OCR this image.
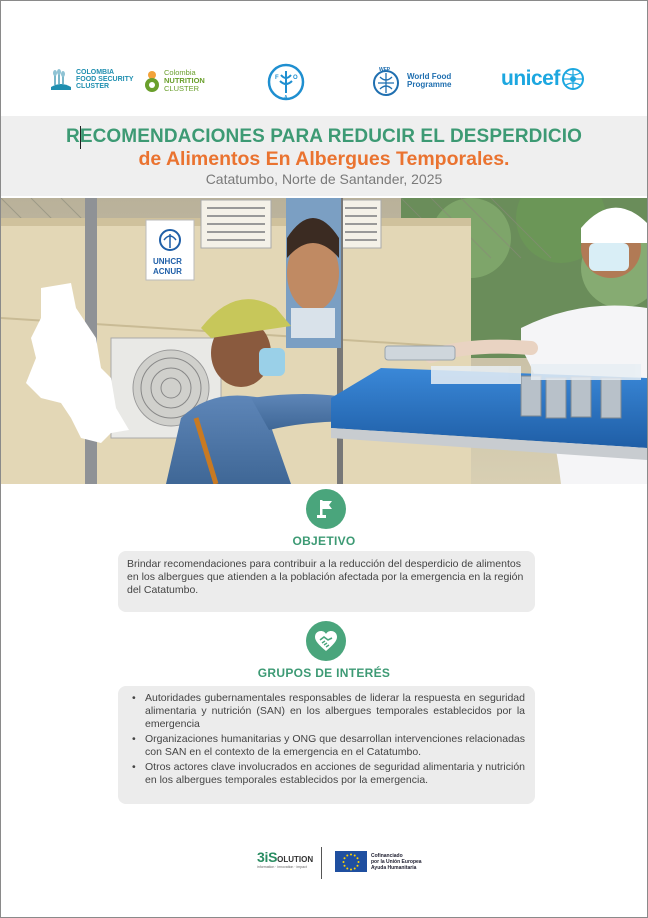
COLOMBIA
FOOD SECURITY
CLUSTER
Colombia
NUTRITION
CLUSTER
F O
A
WFP
World Food
Programme unicef
RECOMENDACIONES PARA REDUCIR EL DESPERDICIO
de Alimentos En Albergues Temporales.
Catatumbo, Norte de Santander, 2025
UNHCR
ACNUR
OBJETIVO

Brindar recomendaciones para contribuir a la reducción del desperdicio de alimentos en los albergues que atienden a la población afectada por la emergencia en la región del Catatumbo.

GRUPOS DE INTERÉS
• Autoridades gubernamentales responsables de liderar la respuesta en seguridad alimentaria y nutrición (SAN) en los albergues temporales establecidos por la emergencia
• Organizaciones humanitarias y ONG que desarrollan intervenciones relacionadas con SAN en el contexto de la emergencia en el Catatumbo.
• Otros actores clave involucrados en acciones de seguridad alimentaria y nutrición en los albergues temporales establecidos por la emergencia.
3iSOLUTION
information · innovation · impact
Cofinanciado
por la Unión Europea
Ayuda Humanitaria
